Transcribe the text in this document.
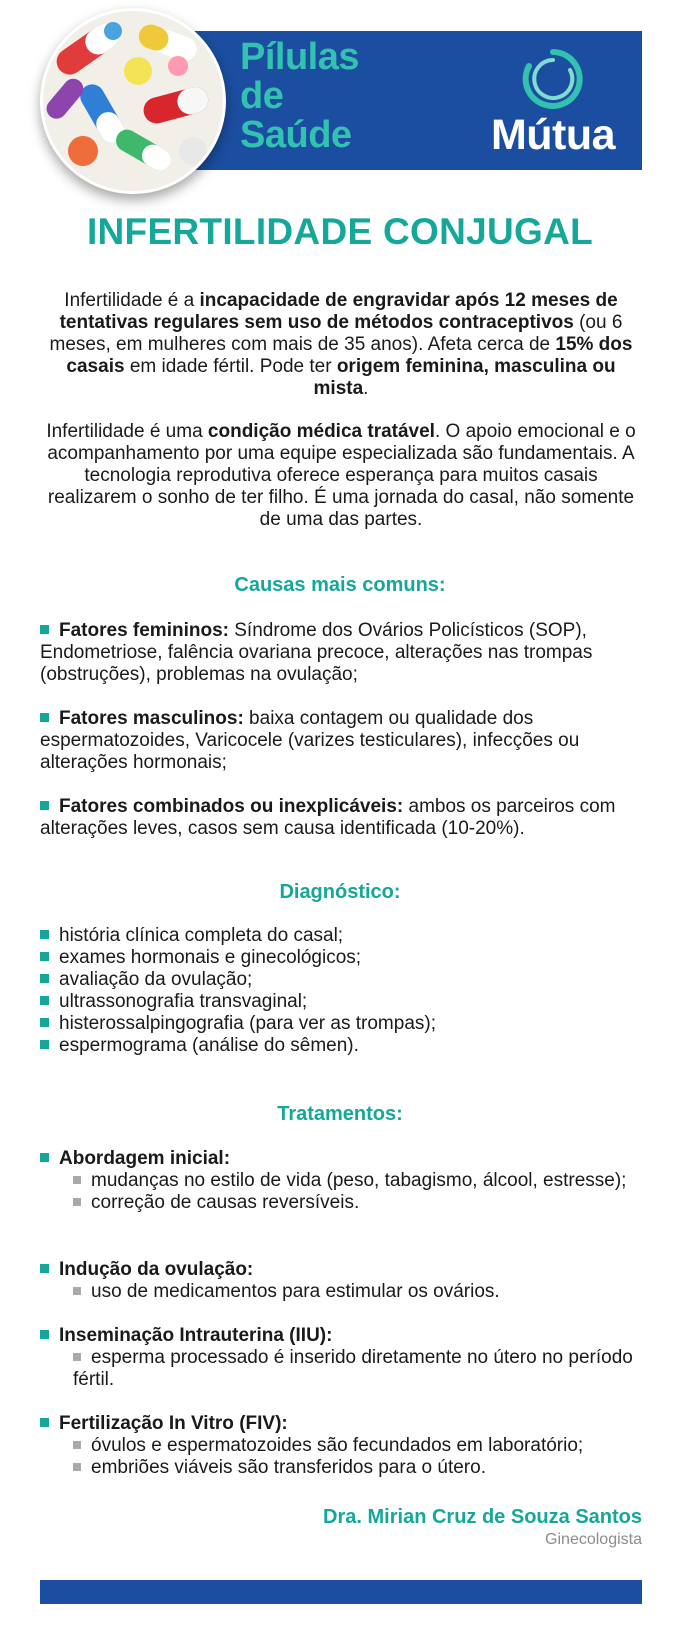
Pílulas
de
Saúde	Mútua
INFERTILIDADE CONJUGAL
Infertilidade é a incapacidade de engravidar após 12 meses de tentativas regulares sem uso de métodos contraceptivos (ou 6 meses, em mulheres com mais de 35 anos). Afeta cerca de 15% dos casais em idade fértil. Pode ter origem feminina, masculina ou mista.
Infertilidade é uma condição médica tratável. O apoio emocional e o acompanhamento por uma equipe especializada são fundamentais. A tecnologia reprodutiva oferece esperança para muitos casais realizarem o sonho de ter filho. É uma jornada do casal, não somente de uma das partes.
Causas mais comuns:
Fatores femininos: Síndrome dos Ovários Policísticos (SOP), Endometriose, falência ovariana precoce, alterações nas trompas (obstruções), problemas na ovulação;
Fatores masculinos: baixa contagem ou qualidade dos espermatozoides, Varicocele (varizes testiculares), infecções ou alterações hormonais;
Fatores combinados ou inexplicáveis: ambos os parceiros com alterações leves, casos sem causa identificada (10-20%).
Diagnóstico:
história clínica completa do casal;
exames hormonais e ginecológicos;
avaliação da ovulação;
ultrassonografia transvaginal;
histerossalpingografia (para ver as trompas);
espermograma (análise do sêmen).
Tratamentos:
Abordagem inicial:
mudanças no estilo de vida (peso, tabagismo, álcool, estresse);
correção de causas reversíveis.
Indução da ovulação:
uso de medicamentos para estimular os ovários.
Inseminação Intrauterina (IIU):
esperma processado é inserido diretamente no útero no período fértil.
Fertilização In Vitro (FIV):
óvulos e espermatozoides são fecundados em laboratório;
embriões viáveis são transferidos para o útero.
Dra. Mirian Cruz de Souza Santos
Ginecologista
